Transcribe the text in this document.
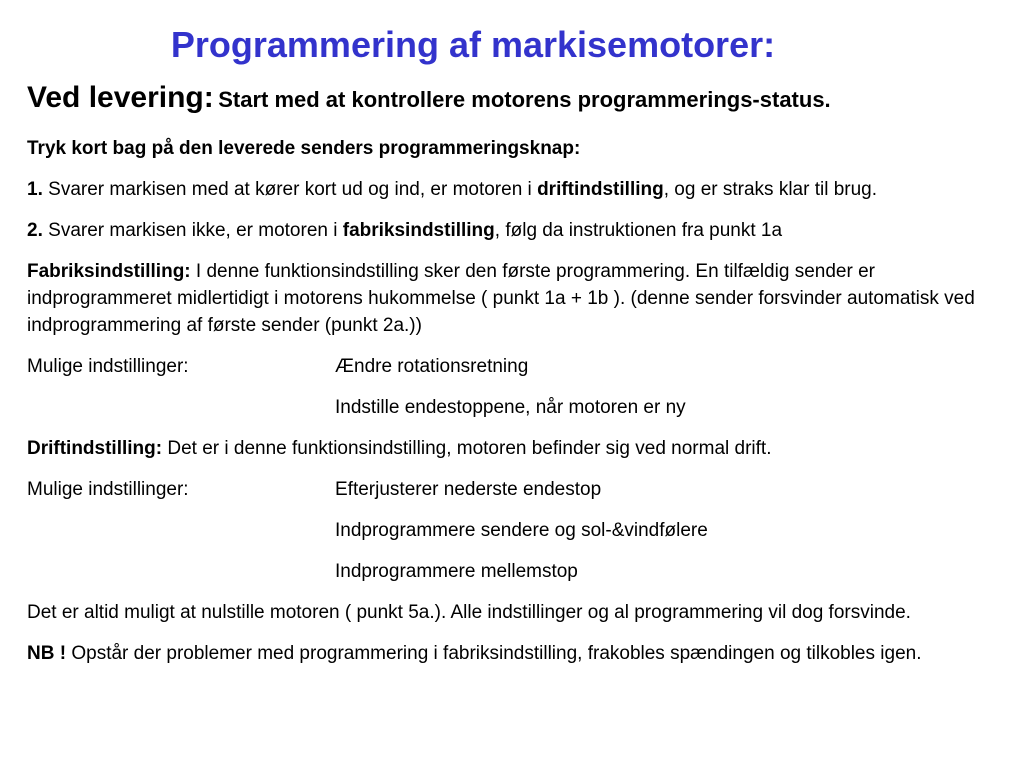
Programmering af markisemotorer:
Ved levering: Start med at kontrollere motorens programmerings-status.
Tryk kort bag på den leverede senders programmeringsknap:
1. Svarer markisen med at kører kort ud og ind, er motoren i driftindstilling, og er straks klar til brug.
2. Svarer markisen ikke, er motoren i fabriksindstilling, følg da instruktionen fra punkt 1a
Fabriksindstilling: I denne funktionsindstilling sker den første programmering. En tilfældig sender er indprogrammeret midlertidigt i motorens hukommelse ( punkt 1a + 1b ). (denne sender forsvinder automatisk ved indprogrammering af første sender (punkt 2a.))
Mulige indstillinger:	Ændre rotationsretning
Indstille endestoppene, når motoren er ny
Driftindstilling: Det er i denne funktionsindstilling, motoren befinder sig ved normal drift.
Mulige indstillinger:	Efterjusterer nederste endestop
Indprogrammere sendere og sol-&vindfølere
Indprogrammere mellemstop
Det er altid muligt at nulstille motoren ( punkt 5a.). Alle indstillinger og al programmering vil dog forsvinde.
NB ! Opstår der problemer med programmering i fabriksindstilling, frakobles spændingen og tilkobles igen.
